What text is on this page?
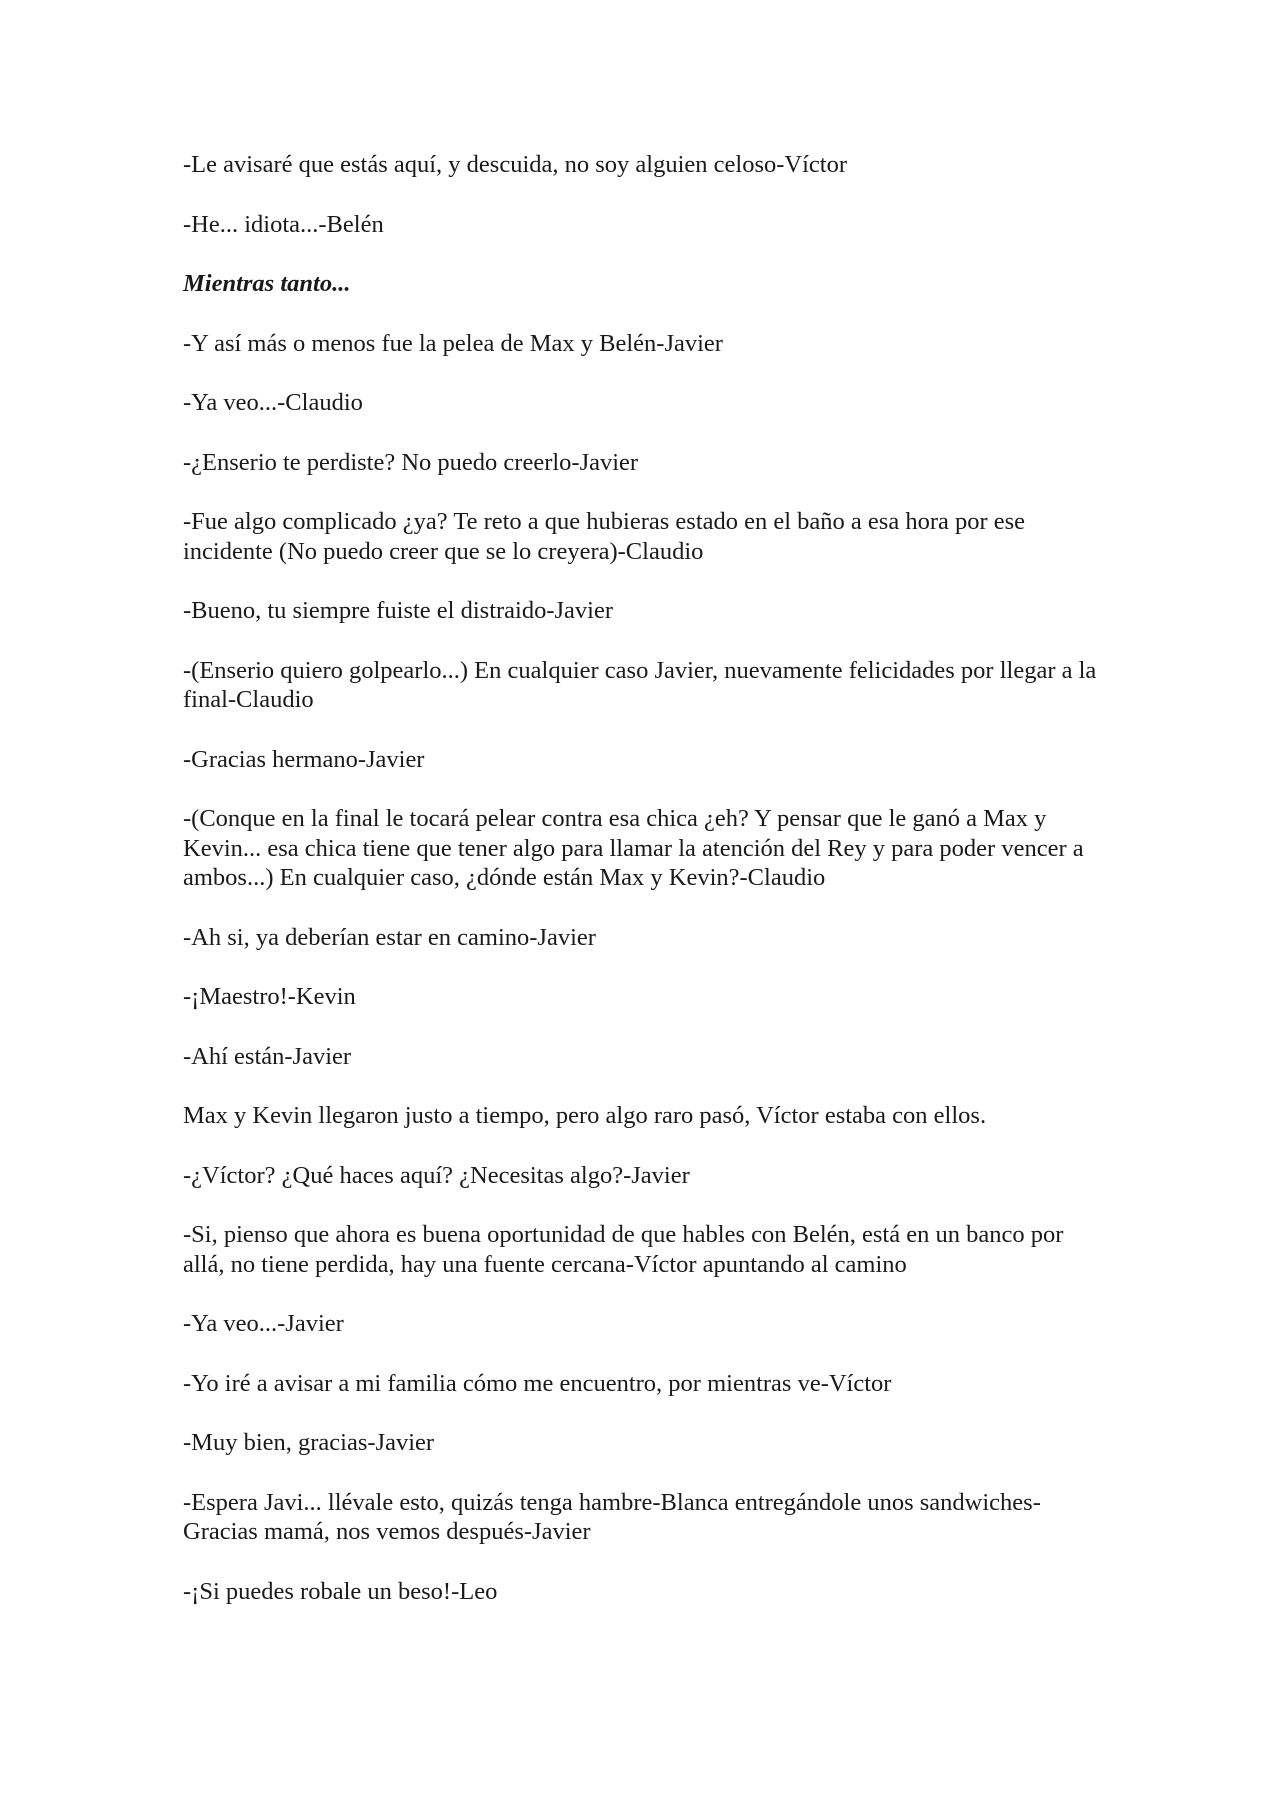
-Le avisaré que estás aquí, y descuida, no soy alguien celoso-Víctor

-He... idiota...-Belén

Mientras tanto...

-Y así más o menos fue la pelea de Max y Belén-Javier

-Ya veo...-Claudio

-¿Enserio te perdiste? No puedo creerlo-Javier

-Fue algo complicado ¿ya? Te reto a que hubieras estado en el baño a esa hora por ese incidente (No puedo creer que se lo creyera)-Claudio

-Bueno, tu siempre fuiste el distraido-Javier

-(Enserio quiero golpearlo...) En cualquier caso Javier, nuevamente felicidades por llegar a la final-Claudio

-Gracias hermano-Javier

-(Conque en la final le tocará pelear contra esa chica ¿eh? Y pensar que le ganó a Max y Kevin... esa chica tiene que tener algo para llamar la atención del Rey y para poder vencer a ambos...) En cualquier caso, ¿dónde están Max y Kevin?-Claudio

-Ah si, ya deberían estar en camino-Javier

-¡Maestro!-Kevin

-Ahí están-Javier

Max y Kevin llegaron justo a tiempo, pero algo raro pasó, Víctor estaba con ellos.

-¿Víctor? ¿Qué haces aquí? ¿Necesitas algo?-Javier

-Si, pienso que ahora es buena oportunidad de que hables con Belén, está en un banco por allá, no tiene perdida, hay una fuente cercana-Víctor apuntando al camino

-Ya veo...-Javier

-Yo iré a avisar a mi familia cómo me encuentro, por mientras ve-Víctor

-Muy bien, gracias-Javier

-Espera Javi... llévale esto, quizás tenga hambre-Blanca entregándole unos sandwiches-Gracias mamá, nos vemos después-Javier

-¡Si puedes robale un beso!-Leo
